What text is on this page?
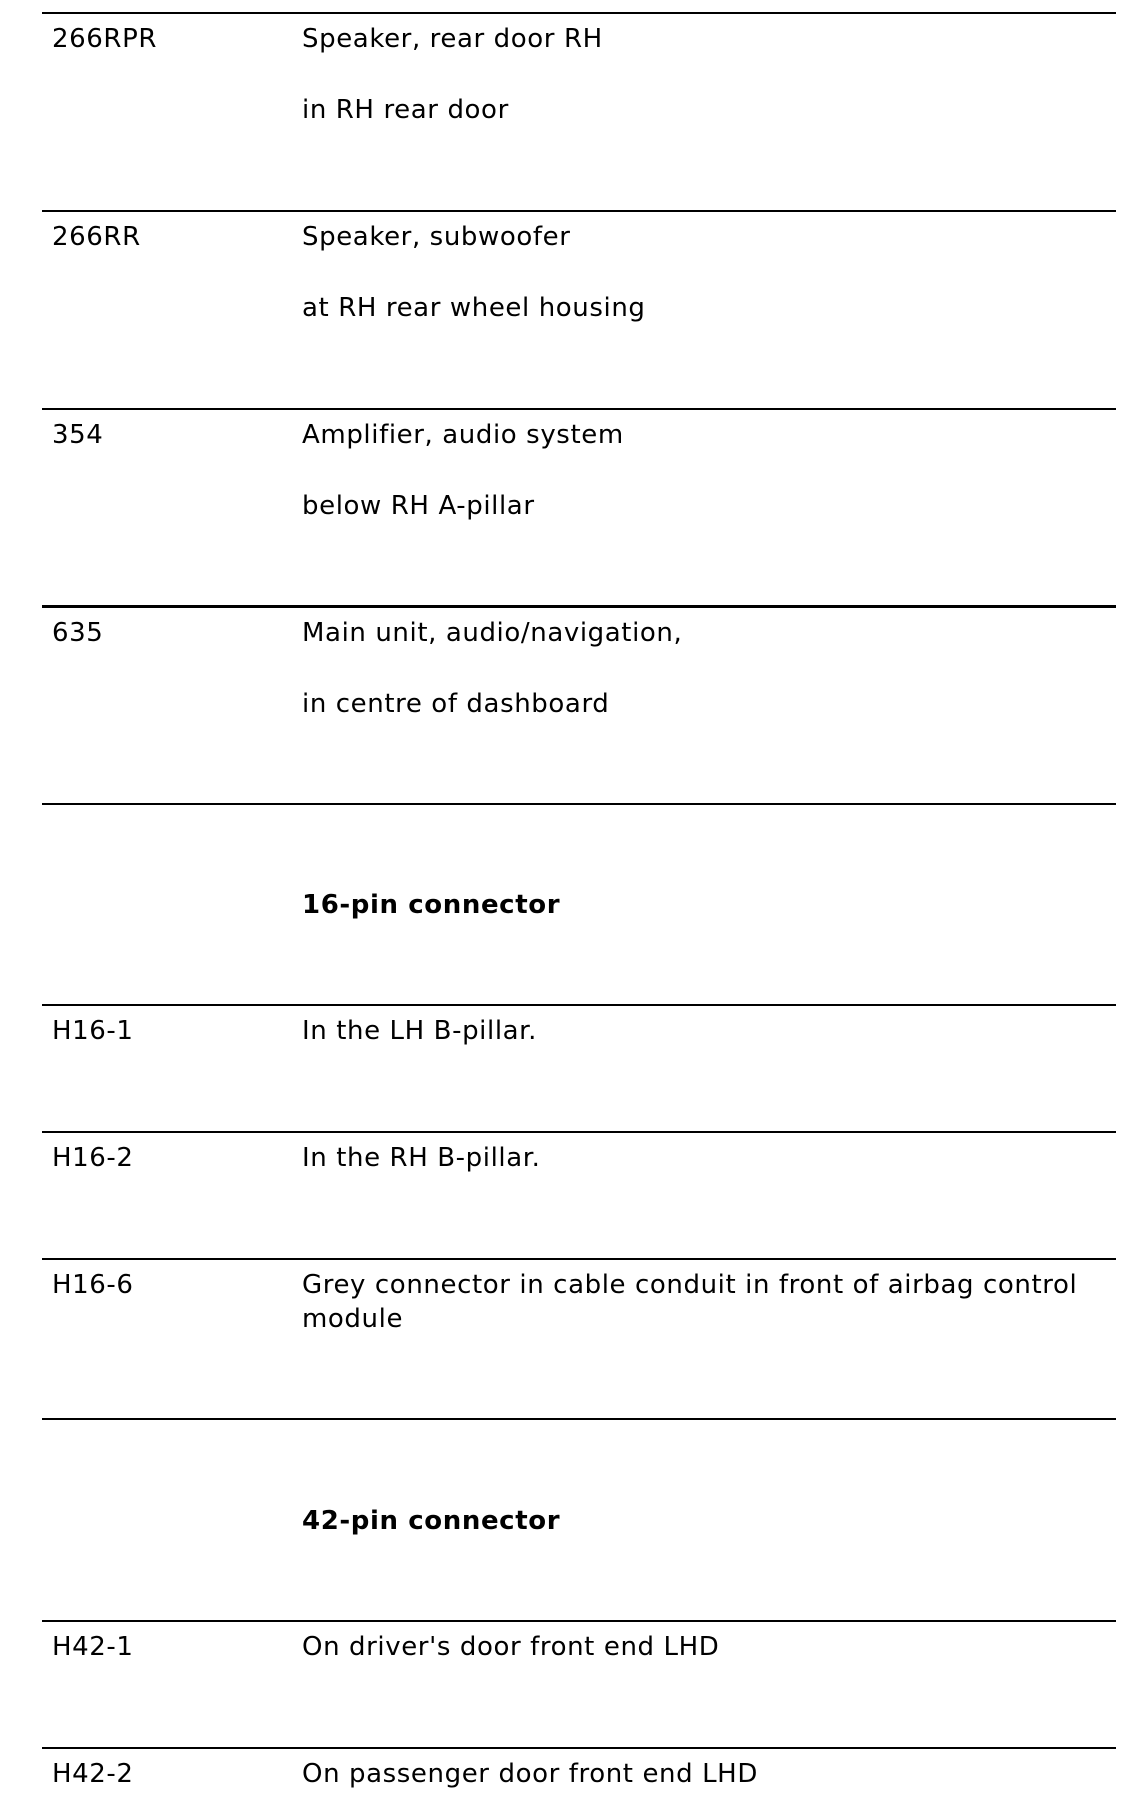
266RPR	Speaker, rear door RH
in RH rear door
266RR	Speaker, subwoofer
at RH rear wheel housing
354	Amplifier, audio system
below RH A-pillar
635	Main unit, audio/navigation,
in centre of dashboard
16-pin connector
H16-1	In the LH B-pillar.
H16-2	In the RH B-pillar.
H16-6	Grey connector in cable conduit in front of airbag control module
42-pin connector
H42-1	On driver's door front end LHD
H42-2	On passenger door front end LHD
